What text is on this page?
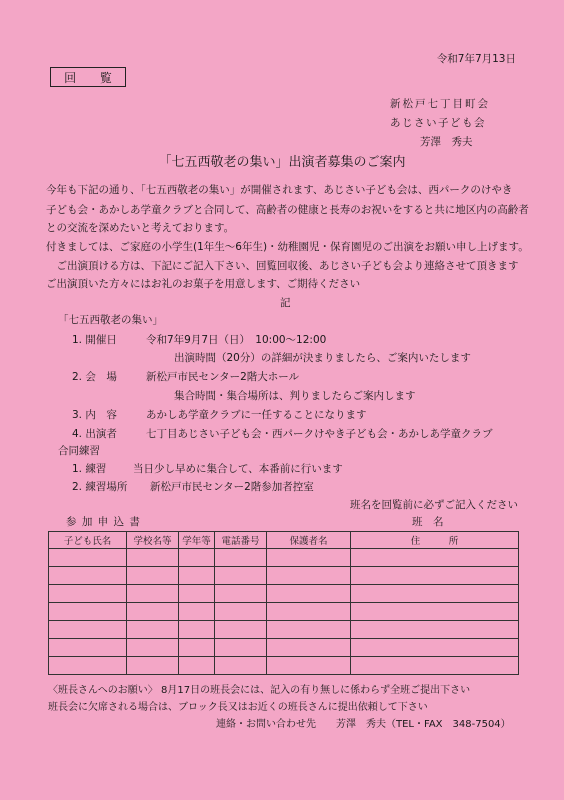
令和7年7月13日
回 覧
新松戸七丁目町会
あじさい子ども会
芳澤　秀夫
「七五西敬老の集い」出演者募集のご案内
今年も下記の通り、「七五西敬老の集い」が開催されます、あじさい子ども会は、西パークのけやき
子ども会・あかしあ学童クラブと合同して、高齢者の健康と長寿のお祝いをすると共に地区内の高齢者
との交流を深めたいと考えております。
付きましては、ご家庭の小学生(1年生～6年生)・幼稚園児・保育園児のご出演をお願い申し上げます。
　ご出演頂ける方は、下記にご記入下さい、回覧回収後、あじさい子ども会より連絡させて頂きます
ご出演頂いた方々にはお礼のお菓子を用意します、ご期待ください
記
「七五西敬老の集い」
1. 開催日	令和7年9月7日（日）　10:00～12:00
出演時間（20分）の詳細が決まりましたら、ご案内いたします
2. 会　場	新松戸市民センター2階大ホール
集合時間・集合場所は、判りましたらご案内します
3. 内　容	あかしあ学童クラブに一任することになります
4. 出演者	七丁目あじさい子ども会・西パークけやき子ども会・あかしあ学童クラブ
合同練習
1. 練習	当日少し早めに集合して、本番前に行います
2. 練習場所 新松戸市民センター2階参加者控室
班名を回覧前に必ずご記入ください
参 加 申 込 書	班　名
子ども氏名	学校名等	学年等	電話番号	保護者名	住　　　所

〈班長さんへのお願い〉 8月17日の班長会には、記入の有り無しに係わらず全班ご提出下さい
班長会に欠席される場合は、ブロック長又はお近くの班長さんに提出依頼して下さい
連絡・お問い合わせ先　　芳澤　秀夫（TEL・FAX　348-7504）
